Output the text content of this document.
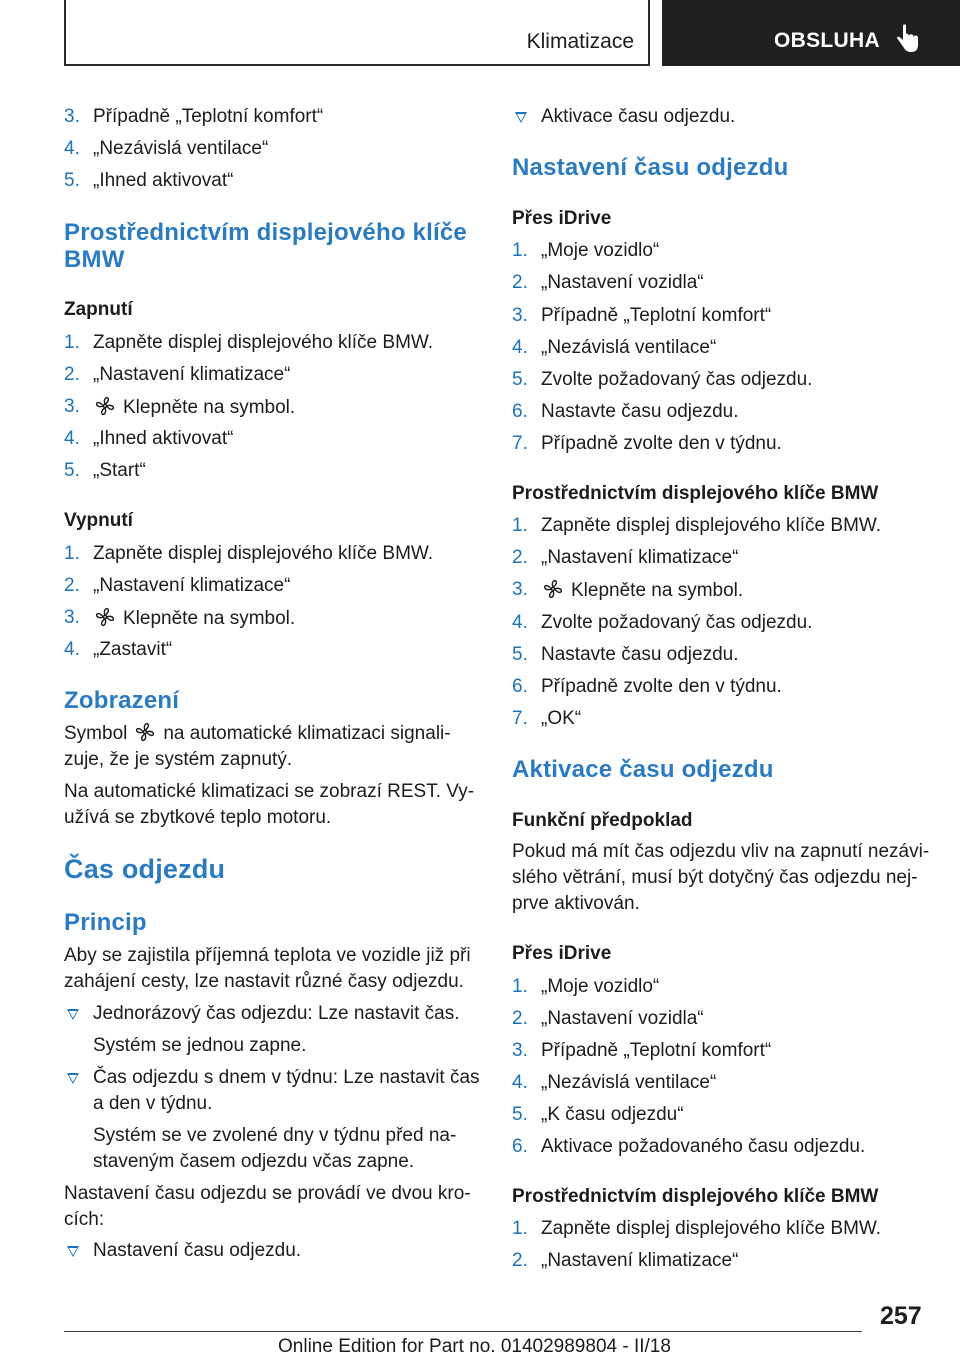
Klimatizace	OBSLUHA
3. Případně „Teplotní komfort“
4. „Nezávislá ventilace“
5. „Ihned aktivovat“
Prostřednictvím displejového klíče
BMW
Zapnutí
1. Zapněte displej displejového klíče BMW.
2. „Nastavení klimatizace“
3.	Klepněte na symbol.
4. „Ihned aktivovat“
5. „Start“
Vypnutí
1. Zapněte displej displejového klíče BMW.
2. „Nastavení klimatizace“
3.	Klepněte na symbol.
4. „Zastavit“
Zobrazení
Symbol na automatické klimatizaci signali-
zuje, že je systém zapnutý.
Na automatické klimatizaci se zobrazí REST. Vy-
užívá se zbytkové teplo motoru.
Čas odjezdu
Princip
Aby se zajistila příjemná teplota ve vozidle již při
zahájení cesty, lze nastavit různé časy odjezdu.
Jednorázový čas odjezdu: Lze nastavit čas.
Systém se jednou zapne.
Čas odjezdu s dnem v týdnu: Lze nastavit čas
a den v týdnu.
Systém se ve zvolené dny v týdnu před na-
staveným časem odjezdu včas zapne.
Nastavení času odjezdu se provádí ve dvou kro-
cích:
Nastavení času odjezdu.
Aktivace času odjezdu.
Nastavení času odjezdu
Přes iDrive
1. „Moje vozidlo“
2. „Nastavení vozidla“
3. Případně „Teplotní komfort“
4. „Nezávislá ventilace“
5. Zvolte požadovaný čas odjezdu.
6. Nastavte času odjezdu.
7. Případně zvolte den v týdnu.
Prostřednictvím displejového klíče BMW
1. Zapněte displej displejového klíče BMW.
2. „Nastavení klimatizace“
3.	Klepněte na symbol.
4. Zvolte požadovaný čas odjezdu.
5. Nastavte času odjezdu.
6. Případně zvolte den v týdnu.
7. „OK“
Aktivace času odjezdu
Funkční předpoklad
Pokud má mít čas odjezdu vliv na zapnutí nezávi-
slého větrání, musí být dotyčný čas odjezdu nej-
prve aktivován.
Přes iDrive
1. „Moje vozidlo“
2. „Nastavení vozidla“
3. Případně „Teplotní komfort“
4. „Nezávislá ventilace“
5. „K času odjezdu“
6. Aktivace požadovaného času odjezdu.
Prostřednictvím displejového klíče BMW
1. Zapněte displej displejového klíče BMW.
2. „Nastavení klimatizace“
257
Online Edition for Part no. 01402989804 - II/18
